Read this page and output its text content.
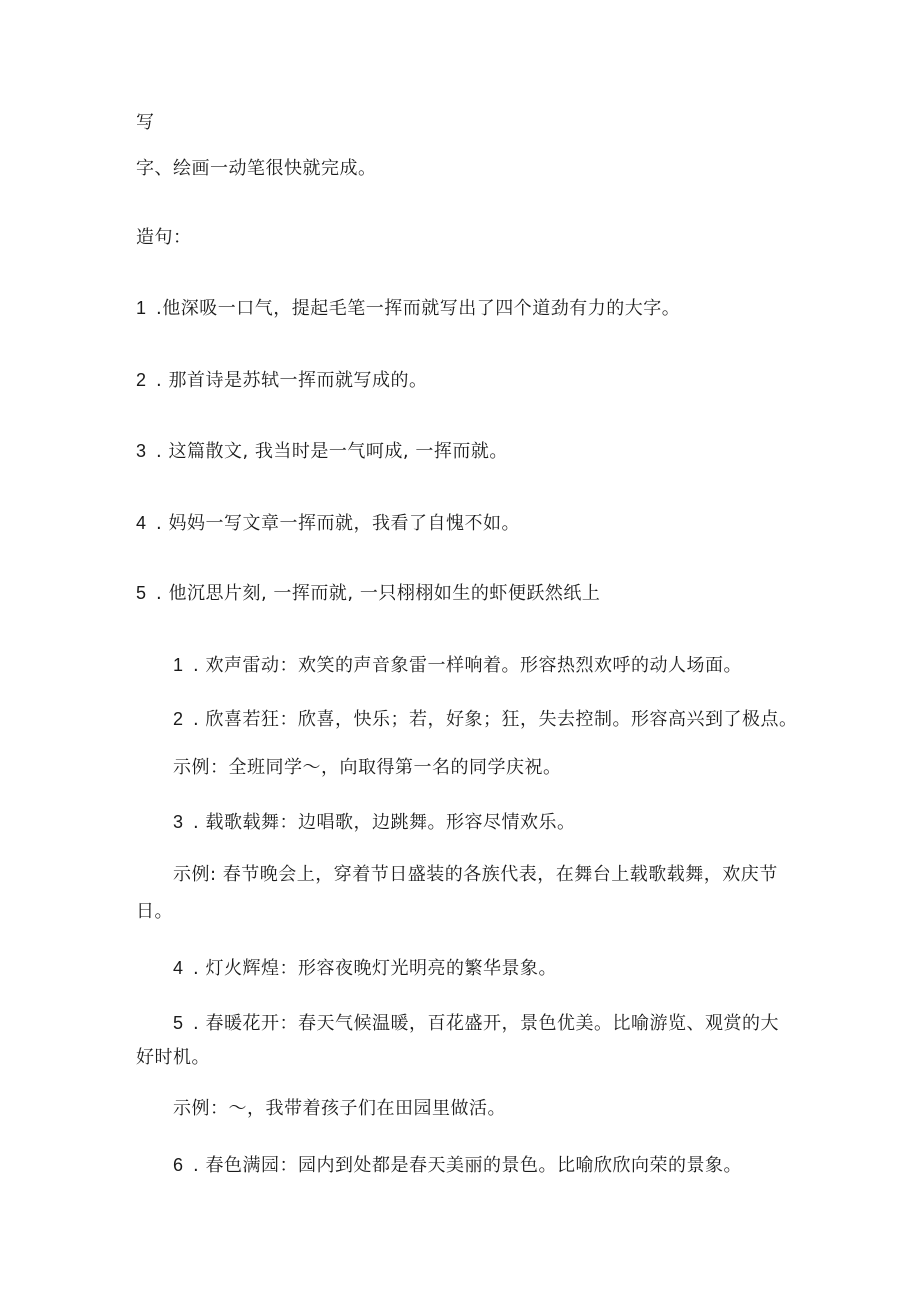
写
字、绘画一动笔很快就完成。
造句：
1 .他深吸一口气，提起毛笔一挥而就写出了四个道劲有力的大字。
2 . 那首诗是苏轼一挥而就写成的。
3 . 这篇散文, 我当时是一气呵成, 一挥而就。
4 . 妈妈一写文章一挥而就，我看了自愧不如。
5 . 他沉思片刻, 一挥而就, 一只栩栩如生的虾便跃然纸上
1 . 欢声雷动：欢笑的声音象雷一样响着。形容热烈欢呼的动人场面。
2 . 欣喜若狂：欣喜，快乐；若，好象；狂，失去控制。形容高兴到了极点。
示例：全班同学～，向取得第一名的同学庆祝。
3 . 载歌载舞：边唱歌，边跳舞。形容尽情欢乐。
示例: 春节晚会上，穿着节日盛装的各族代表，在舞台上载歌载舞，欢庆节
日。
4 . 灯火辉煌：形容夜晚灯光明亮的繁华景象。
5 . 春暖花开：春天气候温暖，百花盛开，景色优美。比喻游览、观赏的大
好时机。
示例：～，我带着孩子们在田园里做活。
6 . 春色满园：园内到处都是春天美丽的景色。比喻欣欣向荣的景象。
